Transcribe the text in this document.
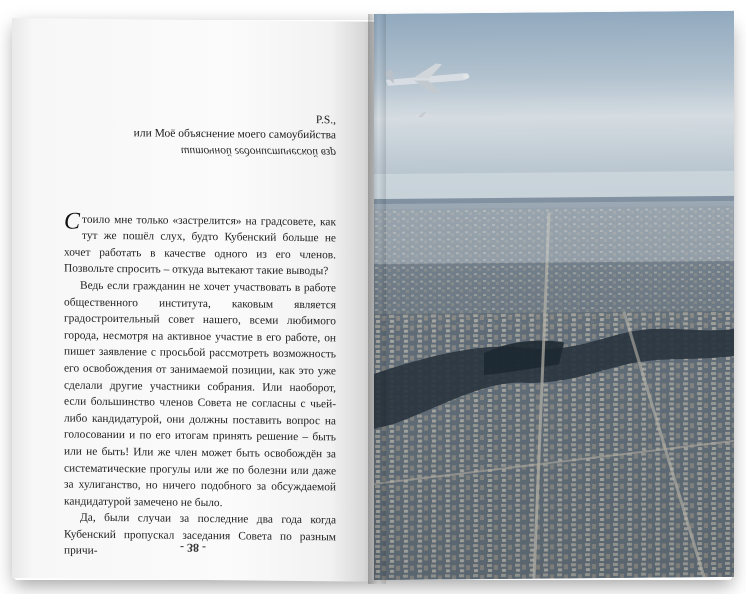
P.S.,
или Моё объяснение моего самоубийства
шиточной гедонистической взр

Стоило мне только «застрелится» на градсовете, как тут же пошёл слух, будто Кубенский больше не хочет работать в качестве одного из его членов. Позвольте спросить – откуда вытекают такие выводы?

Ведь если гражданин не хочет участвовать в работе общественного института, каковым является градостроительный совет нашего, всеми любимого города, несмотря на активное участие в его работе, он пишет заявление с просьбой рассмотреть возможность его освобождения от занимаемой позиции, как это уже сделали другие участники собрания. Или наоборот, если большинство членов Совета не согласны с чьей-либо кандидатурой, они должны поставить вопрос на голосовании и по его итогам принять решение – быть или не быть! Или же член может быть освобождён за систематические прогулы или же по болезни или даже за хулиганство, но ничего подобного за обсуждаемой кандидатурой замечено не было.

Да, были случаи за последние два года когда Кубенский пропускал заседания Совета по разным причи-	- 38 -
